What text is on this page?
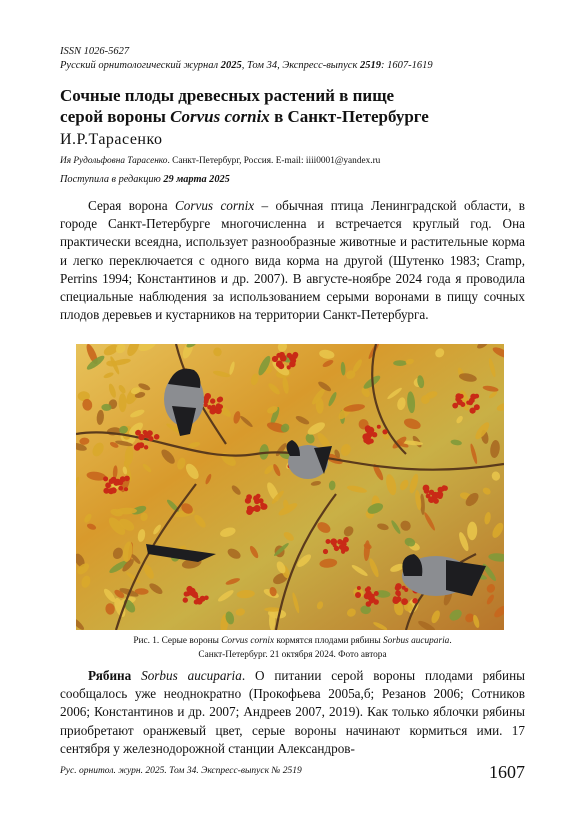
ISSN 1026-5627
Русский орнитологический журнал 2025, Том 34, Экспресс-выпуск 2519: 1607-1619
Сочные плоды древесных растений в пище
серой вороны Corvus cornix в Санкт-Петербурге
И.Р.Тарасенко
Ия Рудольфовна Тарасенко. Санкт-Петербург, Россия. E-mail: iiii0001@yandex.ru
Поступила в редакцию 29 марта 2025
Серая ворона Corvus cornix – обычная птица Ленинградской области, в городе Санкт-Петербурге многочисленна и встречается круглый год. Она практически всеядна, использует разнообразные животные и растительные корма и легко переключается с одного вида корма на другой (Шутенко 1983; Cramp, Perrins 1994; Константинов и др. 2007). В августе-ноябре 2024 года я проводила специальные наблюдения за использованием серыми воронами в пищу сочных плодов деревьев и кустарников на территории Санкт-Петербурга.
Рис. 1. Серые вороны Corvus cornix кормятся плодами рябины Sorbus aucuparia.
Санкт-Петербург. 21 октября 2024. Фото автора
Рябина Sorbus aucuparia. О питании серой вороны плодами рябины сообщалось уже неоднократно (Прокофьева 2005а,б; Резанов 2006; Сотников 2006; Константинов и др. 2007; Андреев 2007, 2019). Как только яблочки рябины приобретают оранжевый цвет, серые вороны начинают кормиться ими. 17 сентября у железнодорожной станции Александров-
Рус. орнитол. журн. 2025. Том 34. Экспресс-выпуск № 2519	1607
